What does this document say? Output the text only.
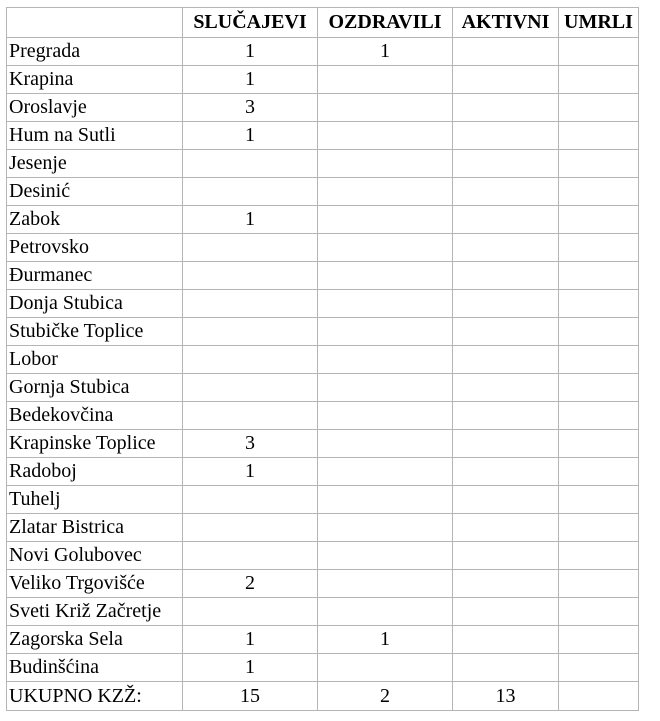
	SLUČAJEVI	OZDRAVILI	AKTIVNI	UMRLI
Pregrada	1	1		
Krapina	1			
Oroslavje	3			
Hum na Sutli	1			
Jesenje				
Desinić				
Zabok	1			
Petrovsko				
Đurmanec				
Donja Stubica				
Stubičke Toplice				
Lobor				
Gornja Stubica				
Bedekovčina				
Krapinske Toplice	3			
Radoboj	1			
Tuhelj				
Zlatar Bistrica				
Novi Golubovec				
Veliko Trgovišće	2			
Sveti Križ Začretje				
Zagorska Sela	1	1		
Budinšćina	1			
UKUPNO KZŽ:	15	2	13	
